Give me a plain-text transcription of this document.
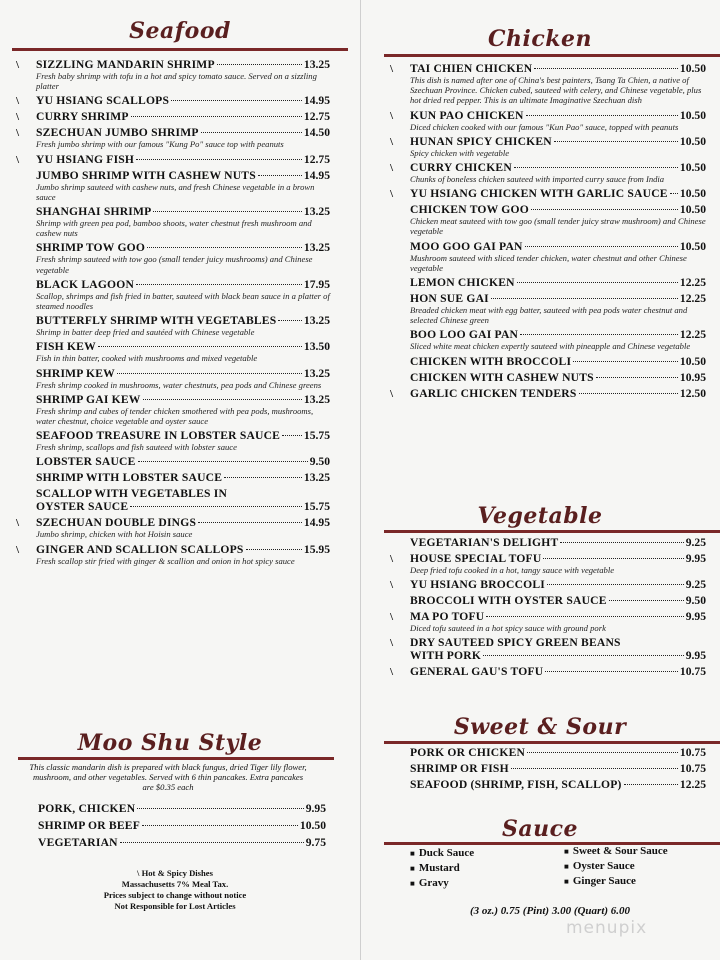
Seafood
\ SIZZLING MANDARIN SHRIMP	13.25
Fresh baby shrimp with tofu in a hot and spicy tomato sauce. Served on a sizzling platter
\ YU HSIANG SCALLOPS	14.95
\ CURRY SHRIMP	12.75
\ SZECHUAN JUMBO SHRIMP	14.50
Fresh jumbo shrimp with our famous "Kung Po" sauce top with peanuts
\ YU HSIANG FISH	12.75
JUMBO SHRIMP WITH CASHEW NUTS	14.95
Jumbo shrimp sauteed with cashew nuts, and fresh Chinese vegetable in a brown sauce
SHANGHAI SHRIMP	13.25
Shrimp with green pea pod, bamboo shoots, water chestnut fresh mushroom and cashew nuts
SHRIMP TOW GOO	13.25
Fresh shrimp sauteed with tow goo (small tender juicy mushrooms) and Chinese vegetable
BLACK LAGOON	17.95
Scallop, shrimps and fish fried in batter, sauteed with black bean sauce in a platter of steamed noodles
BUTTERFLY SHRIMP WITH VEGETABLES 13.25
Shrimp in batter deep fried and sautéed with Chinese vegetable
FISH KEW	13.50
Fish in thin batter, cooked with mushrooms and mixed vegetable
SHRIMP KEW	13.25
Fresh shrimp cooked in mushrooms, water chestnuts, pea pods and Chinese greens
SHRIMP GAI KEW	13.25
Fresh shrimp and cubes of tender chicken smothered with pea pods, mushrooms, water chestnut, choice vegetable and oyster sauce
SEAFOOD TREASURE IN LOBSTER SAUCE 15.75
Fresh shrimp, scallops and fish sauteed with lobster sauce
LOBSTER SAUCE	9.50
SHRIMP WITH LOBSTER SAUCE	13.25
SCALLOP WITH VEGETABLES IN
OYSTER SAUCE	15.75
\ SZECHUAN DOUBLE DINGS	14.95
Jumbo shrimp, chicken with hot Hoisin sauce
\ GINGER AND SCALLION SCALLOPS	15.95
Fresh scallop stir fried with ginger & scallion and onion in hot spicy sauce
Moo Shu Style
This classic mandarin dish is prepared with black fungus, dried Tiger lily flower, mushroom, and other vegetables. Served with 6 thin pancakes. Extra pancakes are $0.35 each
PORK, CHICKEN	9.95
SHRIMP OR BEEF	10.50
VEGETARIAN	9.75
\ Hot & Spicy Dishes
Massachusetts 7% Meal Tax.
Prices subject to change without notice
Not Responsible for Lost Articles
Chicken
\ TAI CHIEN CHICKEN	10.50
This dish is named after one of China's best painters, Tsang Ta Chien, a native of Szechuan Province. Chicken cubed, sauteed with celery, and Chinese vegetable, plus hot dried red pepper. This is an ultimate Imaginative Szechuan dish
\ KUN PAO CHICKEN	10.50
Diced chicken cooked with our famous "Kun Pao" sauce, topped with peanuts
\ HUNAN SPICY CHICKEN	10.50
Spicy chicken with vegetable
\ CURRY CHICKEN	10.50
Chunks of boneless chicken sauteed with imported curry sauce from India
\ YU HSIANG CHICKEN WITH GARLIC SAUCE 10.50
CHICKEN TOW GOO	10.50
Chicken meat sauteed with tow goo (small tender juicy straw mushroom) and Chinese vegetable
MOO GOO GAI PAN	10.50
Mushroom sauteed with sliced tender chicken, water chestnut and other Chinese vegetable
LEMON CHICKEN	12.25
HON SUE GAI	12.25
Breaded chicken meat with egg batter, sauteed with pea pods water chestnut and selected Chinese green
BOO LOO GAI PAN	12.25
Sliced white meat chicken expertly sauteed with pineapple and Chinese vegetable
CHICKEN WITH BROCCOLI	10.50
CHICKEN WITH CASHEW NUTS	10.95
\ GARLIC CHICKEN TENDERS	12.50
Vegetable
VEGETARIAN'S DELIGHT	9.25
\ HOUSE SPECIAL TOFU	9.95
Deep fried tofu cooked in a hot, tangy sauce with vegetable
\ YU HSIANG BROCCOLI	9.25
BROCCOLI WITH OYSTER SAUCE	9.50
\ MA PO TOFU	9.95
Diced tofu sauteed in a hot spicy sauce with ground pork
\ DRY SAUTEED SPICY GREEN BEANS
WITH PORK	9.95
\ GENERAL GAU'S TOFU	10.75
Sweet & Sour
PORK OR CHICKEN	10.75
SHRIMP OR FISH	10.75
SEAFOOD (SHRIMP, FISH, SCALLOP)	12.25
Sauce
■ Duck Sauce
■ Mustard
■ Gravy
■ Sweet & Sour Sauce
■ Oyster Sauce
■ Ginger Sauce
(3 oz.) 0.75 (Pint) 3.00 (Quart) 6.00
menupix
